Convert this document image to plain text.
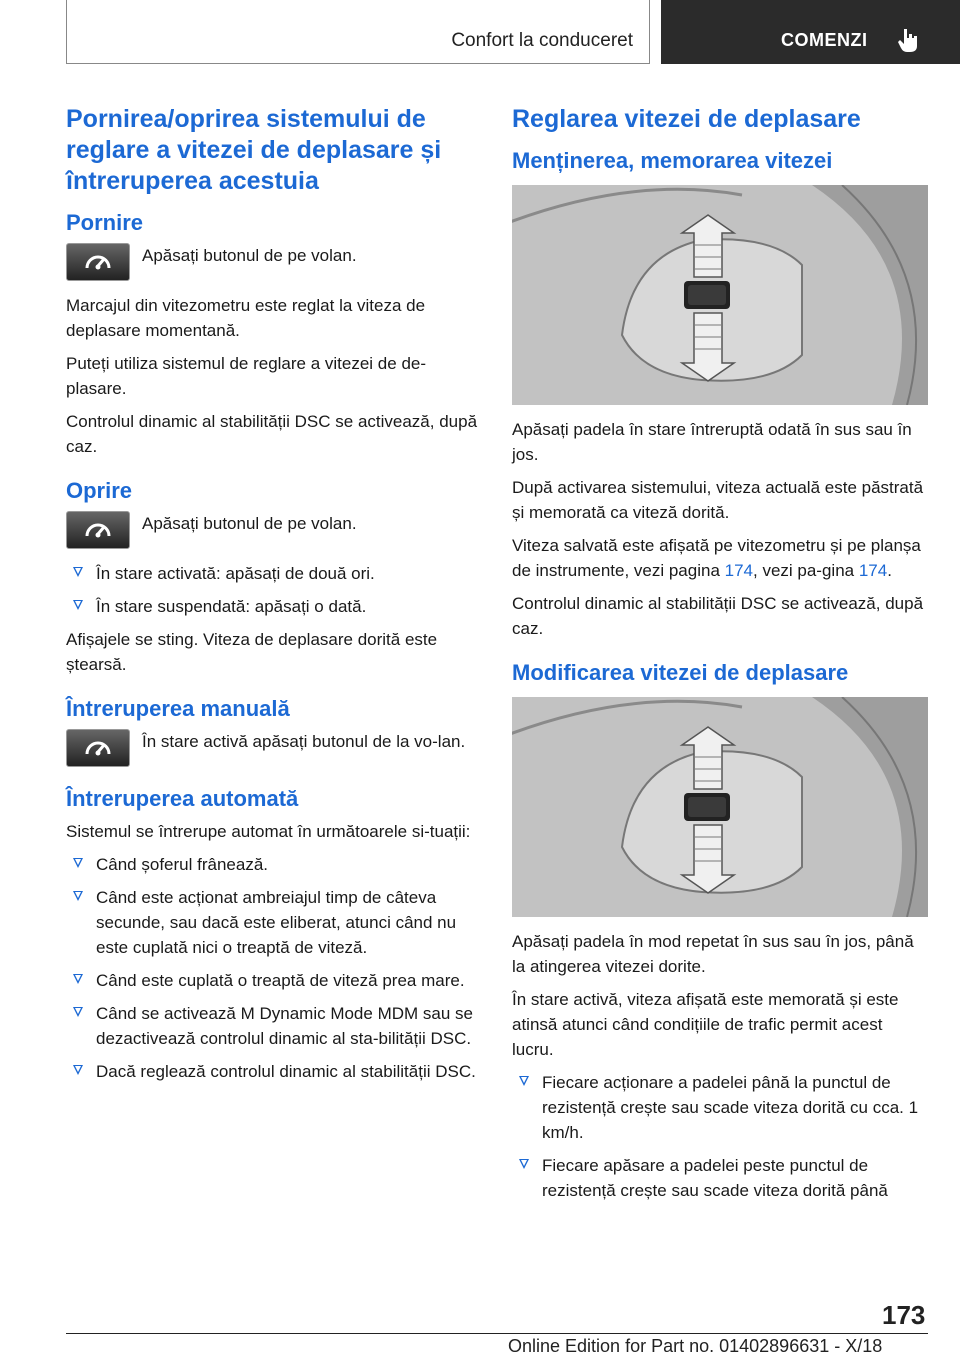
Confort la conduceret	COMENZI
Pornirea/oprirea sistemului de reglare a vitezei de deplasare și întreruperea acestuia
Pornire

Apăsați butonul de pe volan.

Marcajul din vitezometru este reglat la viteza de deplasare momentană.

Puteți utiliza sistemul de reglare a vitezei de de-plasare.

Controlul dinamic al stabilității DSC se activează, după caz.

Oprire

Apăsați butonul de pe volan.

În stare activată: apăsați de două ori.
În stare suspendată: apăsați o dată.

Afișajele se sting. Viteza de deplasare dorită este ștearsă.

Întreruperea manuală

În stare activă apăsați butonul de la vo-lan.

Întreruperea automată

Sistemul se întrerupe automat în următoarele si-tuații:

Când șoferul frânează.
Când este acționat ambreiajul timp de câteva secunde, sau dacă este eliberat, atunci când nu este cuplată nici o treaptă de viteză.
Când este cuplată o treaptă de viteză prea mare.
Când se activează M Dynamic Mode MDM sau se dezactivează controlul dinamic al sta-bilității DSC.
Dacă reglează controlul dinamic al stabilității DSC.
Reglarea vitezei de deplasare
Menținerea, memorarea vitezei

Apăsați padela în stare întreruptă odată în sus sau în jos.

După activarea sistemului, viteza actuală este păstrată și memorată ca viteză dorită.

Viteza salvată este afișată pe vitezometru și pe planșa de instrumente, vezi pagina 174, vezi pa-gina 174.

Controlul dinamic al stabilității DSC se activează, după caz.

Modificarea vitezei de deplasare

Apăsați padela în mod repetat în sus sau în jos, până la atingerea vitezei dorite.

În stare activă, viteza afișată este memorată și este atinsă atunci când condițiile de trafic permit acest lucru.

Fiecare acționare a padelei până la punctul de rezistență crește sau scade viteza dorită cu cca. 1 km/h.
Fiecare apăsare a padelei peste punctul de rezistență crește sau scade viteza dorită până
173
Online Edition for Part no. 01402896631 - X/18
